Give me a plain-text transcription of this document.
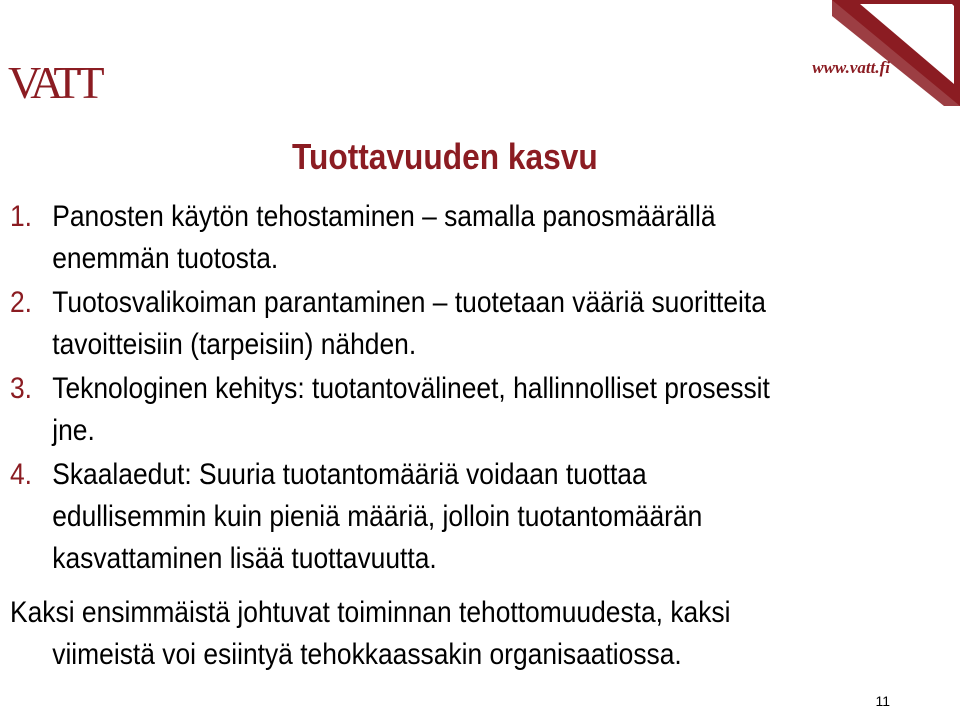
VATT	www.vatt.fi
Tuottavuuden kasvu
1. Panosten käytön tehostaminen – samalla panosmäärällä
enemmän tuotosta.
2. Tuotosvalikoiman parantaminen – tuotetaan vääriä suoritteita
tavoitteisiin (tarpeisiin) nähden.
3. Teknologinen kehitys: tuotantovälineet, hallinnolliset prosessit
jne.
4. Skaalaedut: Suuria tuotantomääriä voidaan tuottaa
edullisemmin kuin pieniä määriä, jolloin tuotantomäärän
kasvattaminen lisää tuottavuutta.
Kaksi ensimmäistä johtuvat toiminnan tehottomuudesta, kaksi
viimeistä voi esiintyä tehokkaassakin organisaatiossa.
11
